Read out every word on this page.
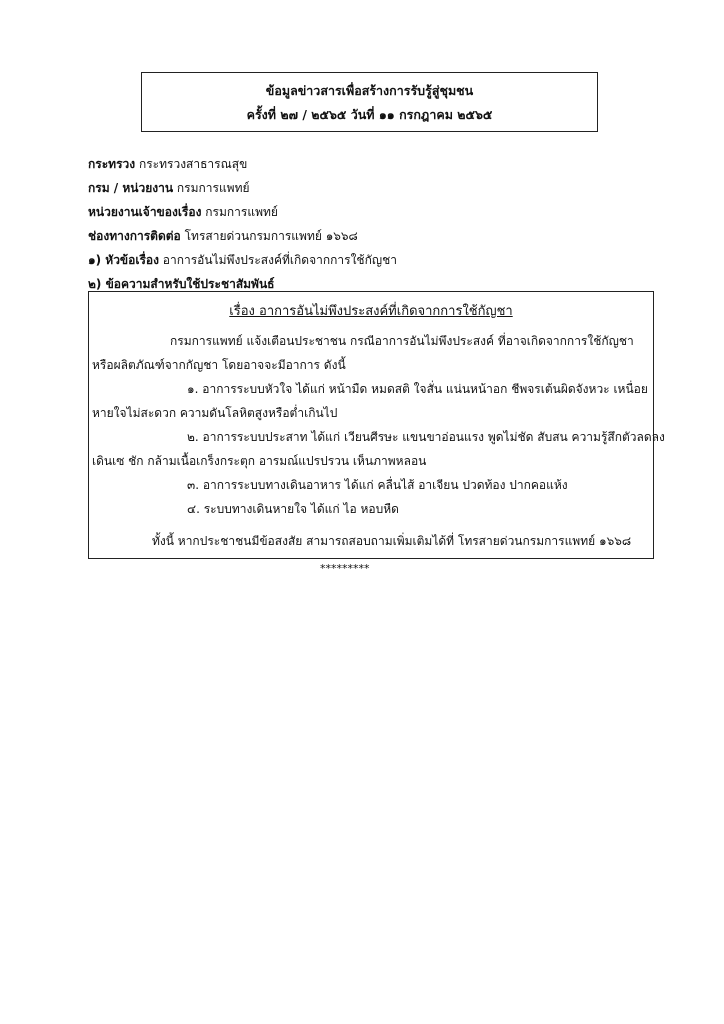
ข้อมูลข่าวสารเพื่อสร้างการรับรู้สู่ชุมชน
ครั้งที่ ๒๗ / ๒๕๖๕ วันที่ ๑๑ กรกฎาคม ๒๕๖๕
กระทรวง กระทรวงสาธารณสุข
กรม / หน่วยงาน กรมการแพทย์
หน่วยงานเจ้าของเรื่อง กรมการแพทย์
ช่องทางการติดต่อ โทรสายด่วนกรมการแพทย์ ๑๖๖๘
๑) หัวข้อเรื่อง อาการอันไม่พึงประสงค์ที่เกิดจากการใช้กัญชา
๒) ข้อความสำหรับใช้ประชาสัมพันธ์
เรื่อง อาการอันไม่พึงประสงค์ที่เกิดจากการใช้กัญชา
กรมการแพทย์ แจ้งเตือนประชาชน กรณีอาการอันไม่พึงประสงค์ ที่อาจเกิดจากการใช้กัญชา
หรือผลิตภัณฑ์จากกัญชา โดยอาจจะมีอาการ ดังนี้
๑. อาการระบบหัวใจ ได้แก่ หน้ามืด หมดสติ ใจสั่น แน่นหน้าอก ชีพจรเต้นผิดจังหวะ เหนื่อย
หายใจไม่สะดวก ความดันโลหิตสูงหรือต่ำเกินไป
๒. อาการระบบประสาท ได้แก่ เวียนศีรษะ แขนขาอ่อนแรง พูดไม่ชัด สับสน ความรู้สึกตัวลดลง
เดินเซ ชัก กล้ามเนื้อเกร็งกระตุก อารมณ์แปรปรวน เห็นภาพหลอน
๓. อาการระบบทางเดินอาหาร ได้แก่ คลื่นไส้ อาเจียน ปวดท้อง ปากคอแห้ง
๔. ระบบทางเดินหายใจ ได้แก่ ไอ หอบหืด
ทั้งนี้ หากประชาชนมีข้อสงสัย สามารถสอบถามเพิ่มเติมได้ที่ โทรสายด่วนกรมการแพทย์ ๑๖๖๘
*********
